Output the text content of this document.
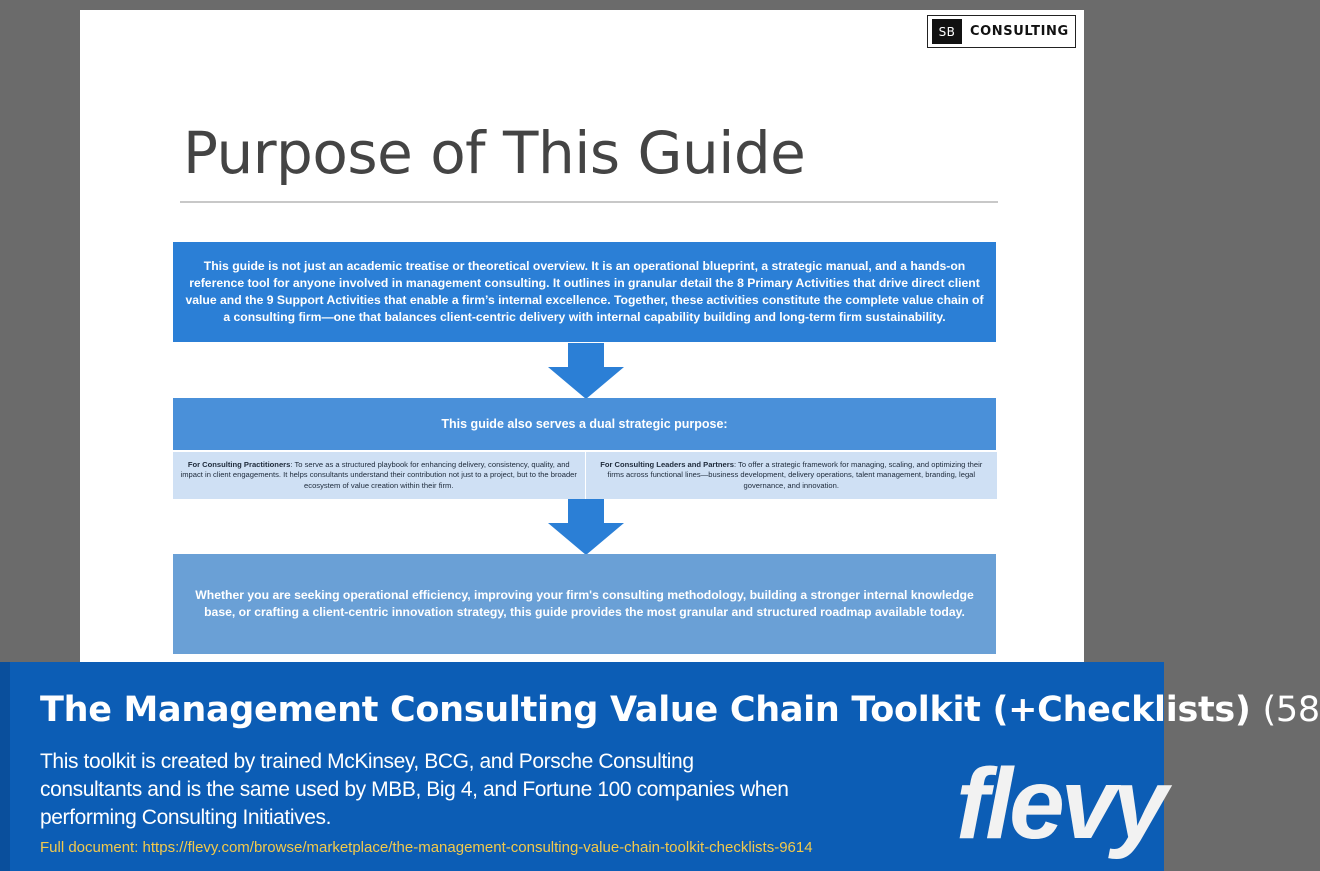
SB	CONSULTING
Purpose of This Guide
This guide is not just an academic treatise or theoretical overview. It is an operational blueprint, a strategic manual, and a hands-on reference tool for anyone involved in management consulting. It outlines in granular detail the 8 Primary Activities that drive direct client value and the 9 Support Activities that enable a firm’s internal excellence. Together, these activities constitute the complete value chain of a consulting firm—one that balances client-centric delivery with internal capability building and long-term firm sustainability.
This guide also serves a dual strategic purpose:
For Consulting Practitioners: To serve as a structured playbook for enhancing delivery, consistency, quality, and impact in client engagements. It helps consultants understand their contribution not just to a project, but to the broader ecosystem of value creation within their firm.
For Consulting Leaders and Partners: To offer a strategic framework for managing, scaling, and optimizing their firms across functional lines—business development, delivery operations, talent management, branding, legal governance, and innovation.
Whether you are seeking operational efficiency, improving your firm's consulting methodology, building a stronger internal knowledge base, or crafting a client-centric innovation strategy, this guide provides the most granular and structured roadmap available today.
The Management Consulting Value Chain Toolkit (+Checklists) (58
This toolkit is created by trained McKinsey, BCG, and Porsche Consulting consultants and is the same used by MBB, Big 4, and Fortune 100 companies when performing Consulting Initiatives.
Full document: https://flevy.com/browse/marketplace/the-management-consulting-value-chain-toolkit-checklists-9614 flevy
